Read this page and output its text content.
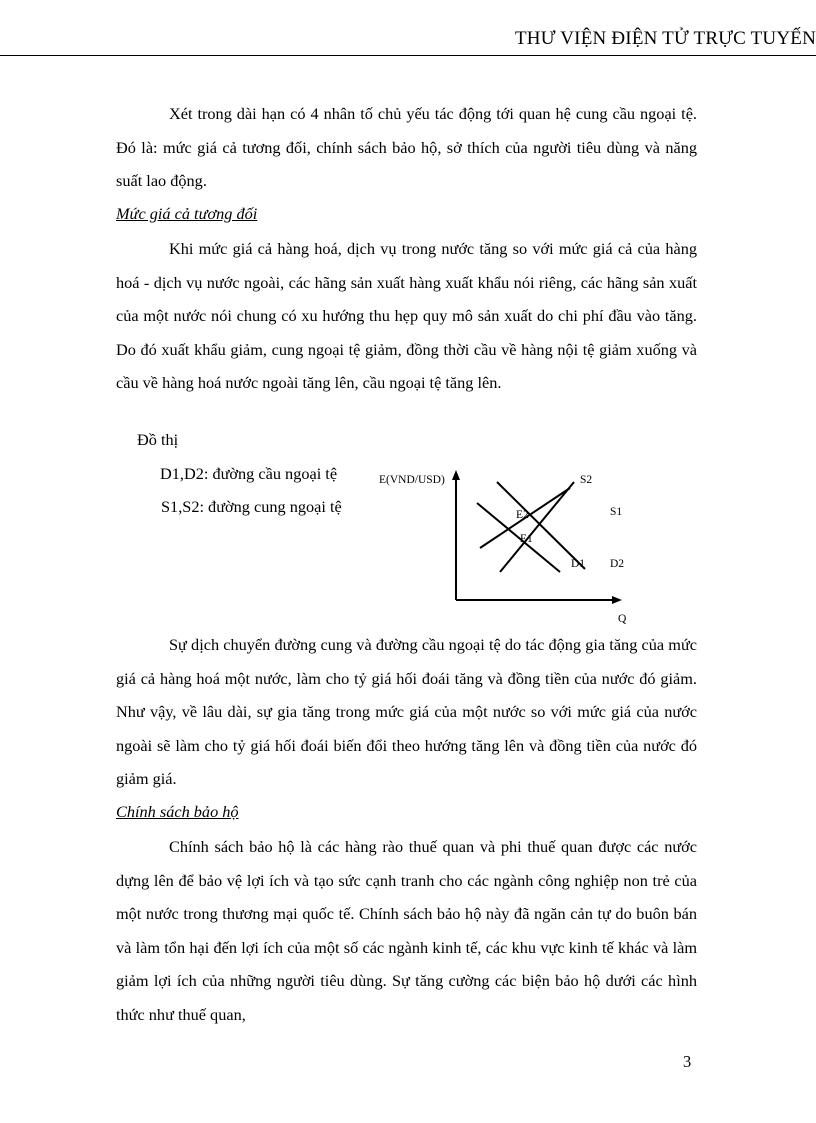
THƯ VIỆN ĐIỆN TỬ TRỰC TUYẾN

Xét trong dài hạn có 4 nhân tố chủ yếu tác động tới quan hệ cung cầu ngoại tệ. Đó là: mức giá cả tương đối, chính sách bảo hộ, sở thích của người tiêu dùng và năng suất lao động.

Mức giá cả tương đối

Khi mức giá cả hàng hoá, dịch vụ trong nước tăng so với mức giá cả của hàng hoá - dịch vụ nước ngoài, các hãng sản xuất hàng xuất khẩu nói riêng, các hãng sản xuất của một nước nói chung có xu hướng thu hẹp quy mô sản xuất do chi phí đầu vào tăng. Do đó xuất khẩu giảm, cung ngoại tệ giảm, đồng thời cầu về hàng nội tệ giảm xuống và cầu về hàng hoá nước ngoài tăng lên, cầu ngoại tệ tăng lên.

Đồ thị

D1,D2: đường cầu ngoại tệ

S1,S2: đường cung ngoại tệ

E(VND/USD)
Q
S2
S1
D1 D2
E2
E1

Sự dịch chuyển đường cung và đường cầu ngoại tệ do tác động gia tăng của mức giá cả hàng hoá một nước, làm cho tỷ giá hối đoái tăng và đồng tiền của nước đó giảm. Như vậy, về lâu dài, sự gia tăng trong mức giá của một nước so với mức giá của nước ngoài sẽ làm cho tỷ giá hối đoái biến đổi theo hướng tăng lên và đồng tiền của nước đó giảm giá.

Chính sách bảo hộ

Chính sách bảo hộ là các hàng rào thuế quan và phi thuế quan được các nước dựng lên để bảo vệ lợi ích và tạo sức cạnh tranh cho các ngành công nghiệp non trẻ của một nước trong thương mại quốc tế. Chính sách bảo hộ này đã ngăn cản tự do buôn bán và làm tổn hại đến lợi ích của một số các ngành kinh tế, các khu vực kinh tế khác và làm giảm lợi ích của những người tiêu dùng. Sự tăng cường các biện bảo hộ dưới các hình thức như thuế quan,

3
